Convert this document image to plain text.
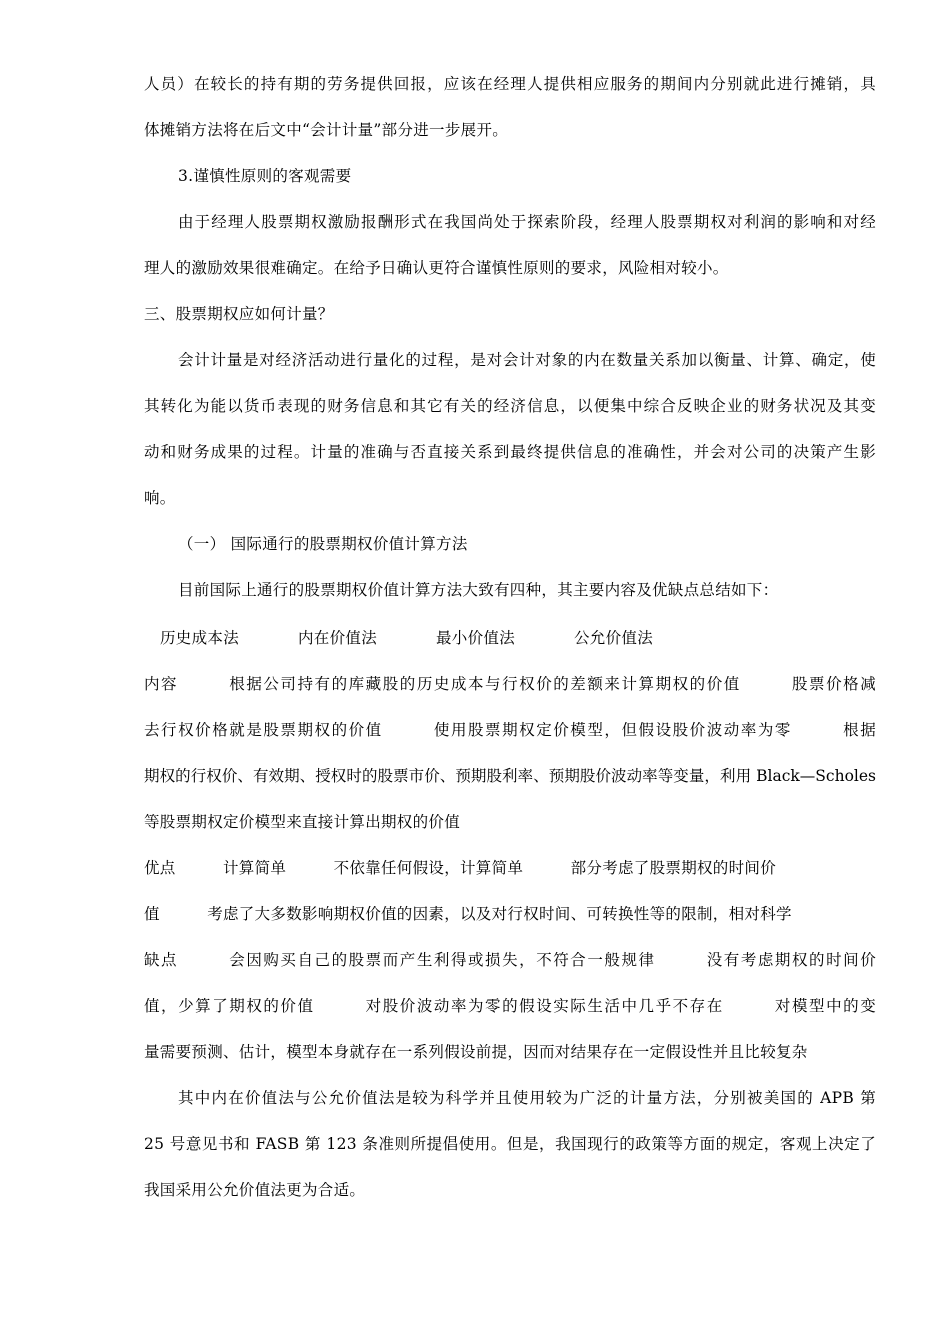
人员）在较长的持有期的劳务提供回报，应该在经理人提供相应服务的期间内分别就此进行摊销，具
体摊销方法将在后文中“会计计量”部分进一步展开。
3.谨慎性原则的客观需要
由于经理人股票期权激励报酬形式在我国尚处于探索阶段，经理人股票期权对利润的影响和对经
理人的激励效果很难确定。在给予日确认更符合谨慎性原则的要求，风险相对较小。
三、股票期权应如何计量？
会计计量是对经济活动进行量化的过程，是对会计对象的内在数量关系加以衡量、计算、确定，使
其转化为能以货币表现的财务信息和其它有关的经济信息，以便集中综合反映企业的财务状况及其变
动和财务成果的过程。计量的准确与否直接关系到最终提供信息的准确性，并会对公司的决策产生影
响。
（一） 国际通行的股票期权价值计算方法
目前国际上通行的股票期权价值计算方法大致有四种，其主要内容及优缺点总结如下：
历史成本法	内在价值法	最小价值法	公允价值法
内容　　　根据公司持有的库藏股的历史成本与行权价的差额来计算期权的价值　　　股票价格减
去行权价格就是股票期权的价值　　　使用股票期权定价模型，但假设股价波动率为零　　　根据
期权的行权价、有效期、授权时的股票市价、预期股利率、预期股价波动率等变量，利用 Black—Scholes
等股票期权定价模型来直接计算出期权的价值
优点　　　计算简单　　　不依靠任何假设，计算简单　　　部分考虑了股票期权的时间价
值　　　考虑了大多数影响期权价值的因素，以及对行权时间、可转换性等的限制，相对科学
缺点　　　会因购买自己的股票而产生利得或损失，不符合一般规律　　　没有考虑期权的时间价
值，少算了期权的价值　　　对股价波动率为零的假设实际生活中几乎不存在　　　对模型中的变
量需要预测、估计，模型本身就存在一系列假设前提，因而对结果存在一定假设性并且比较复杂
其中内在价值法与公允价值法是较为科学并且使用较为广泛的计量方法，分别被美国的 APB 第
25 号意见书和 FASB 第 123 条准则所提倡使用。但是，我国现行的政策等方面的规定，客观上决定了
我国采用公允价值法更为合适。
